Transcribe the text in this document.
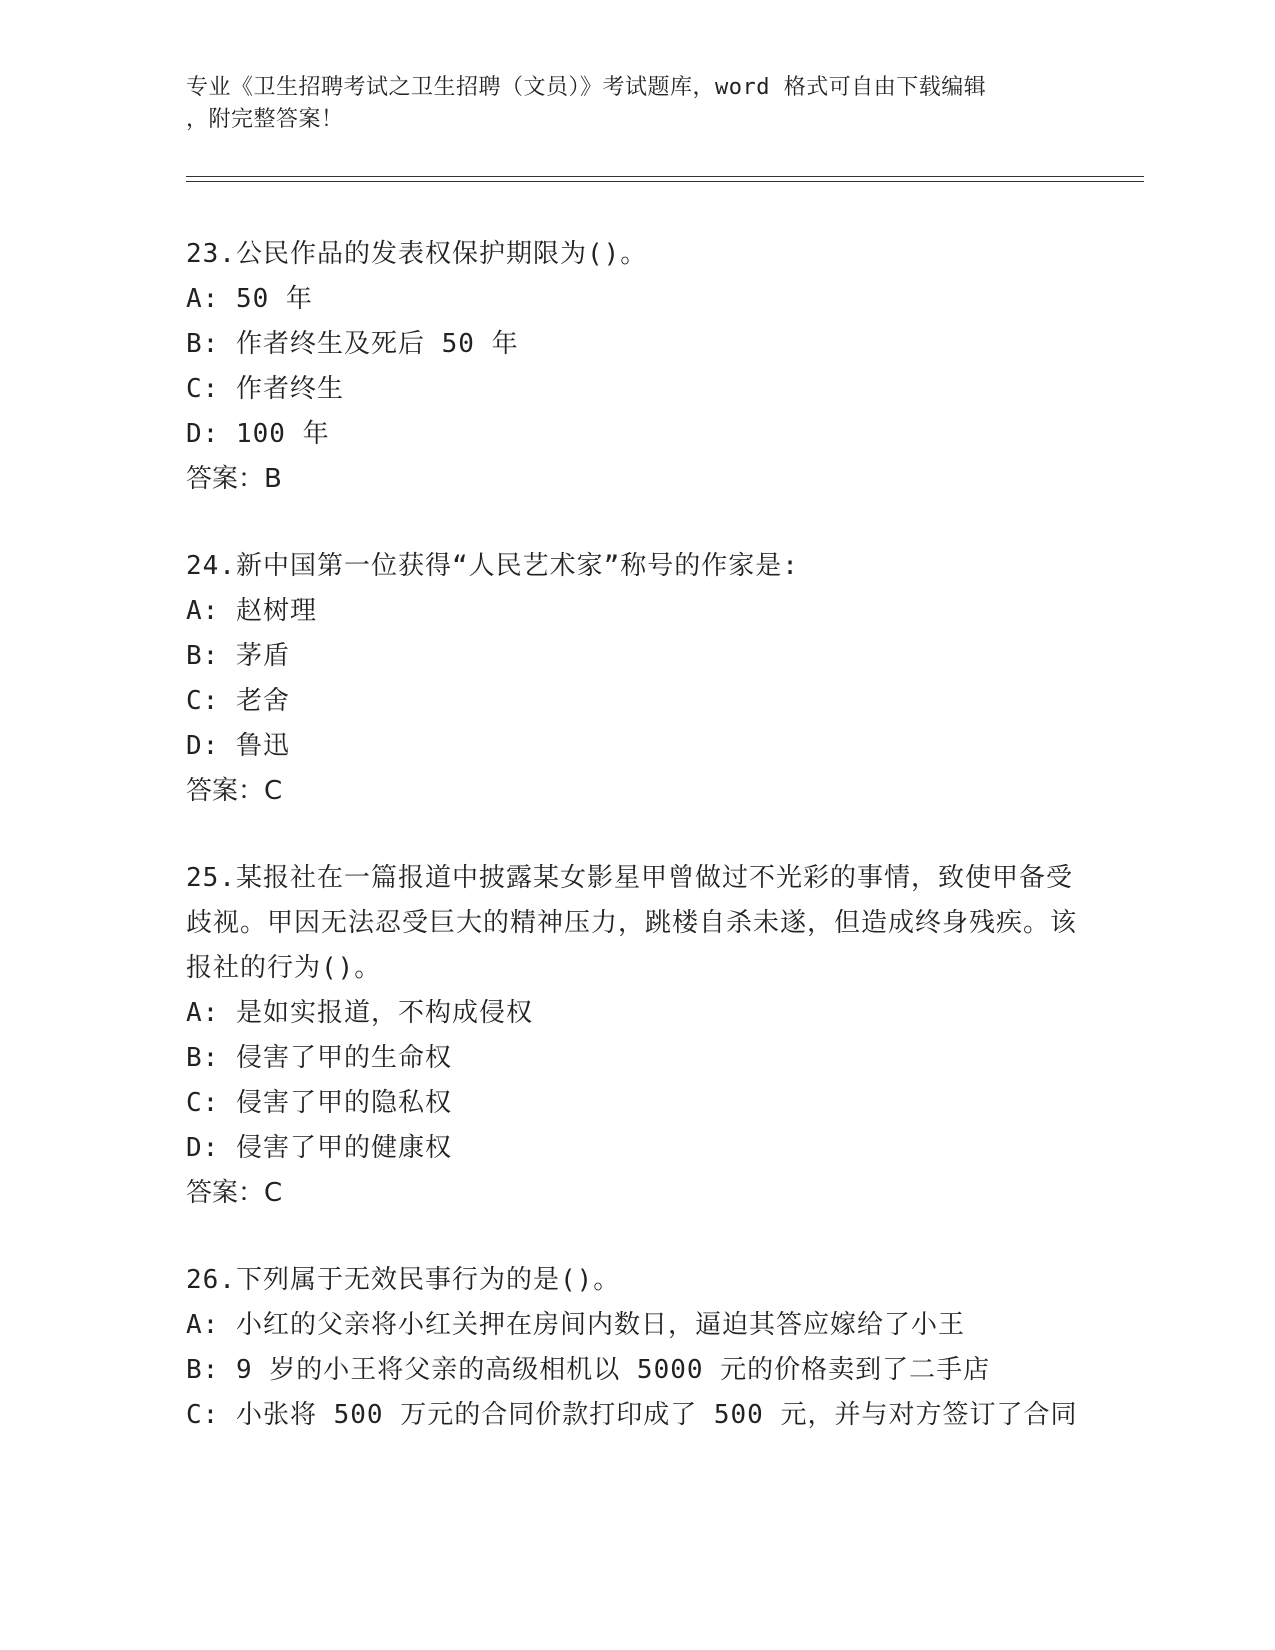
专业《卫生招聘考试之卫生招聘（文员）》考试题库，word 格式可自由下载编辑

，附完整答案！

23.公民作品的发表权保护期限为()。

A: 50 年

B: 作者终生及死后 50 年

C: 作者终生

D: 100 年

答案：B

24.新中国第一位获得“人民艺术家”称号的作家是:

A: 赵树理

B: 茅盾

C: 老舍

D: 鲁迅

答案：C

25.某报社在一篇报道中披露某女影星甲曾做过不光彩的事情，致使甲备受歧视。甲因无法忍受巨大的精神压力，跳楼自杀未遂，但造成终身残疾。该报社的行为()。

A: 是如实报道，不构成侵权

B: 侵害了甲的生命权

C: 侵害了甲的隐私权

D: 侵害了甲的健康权

答案：C

26.下列属于无效民事行为的是()。

A: 小红的父亲将小红关押在房间内数日，逼迫其答应嫁给了小王

B: 9 岁的小王将父亲的高级相机以 5000 元的价格卖到了二手店

C: 小张将 500 万元的合同价款打印成了 500 元，并与对方签订了合同
